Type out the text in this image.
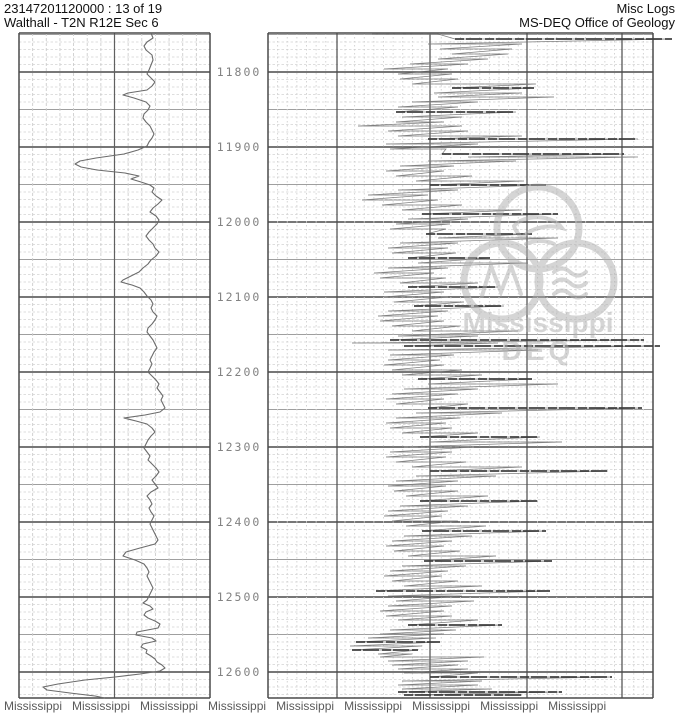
23147201120000 : 13 of 19
Walthall - T2N R12E Sec 6
Misc Logs
MS-DEQ Office of Geology
11800
11900
12000
12100
12200
12300
12400
12500
12600
Mississippi
DEQ
Mississippi Mississippi Mississippi Mississippi Mississippi Mississippi Mississippi Mississippi Mississippi
